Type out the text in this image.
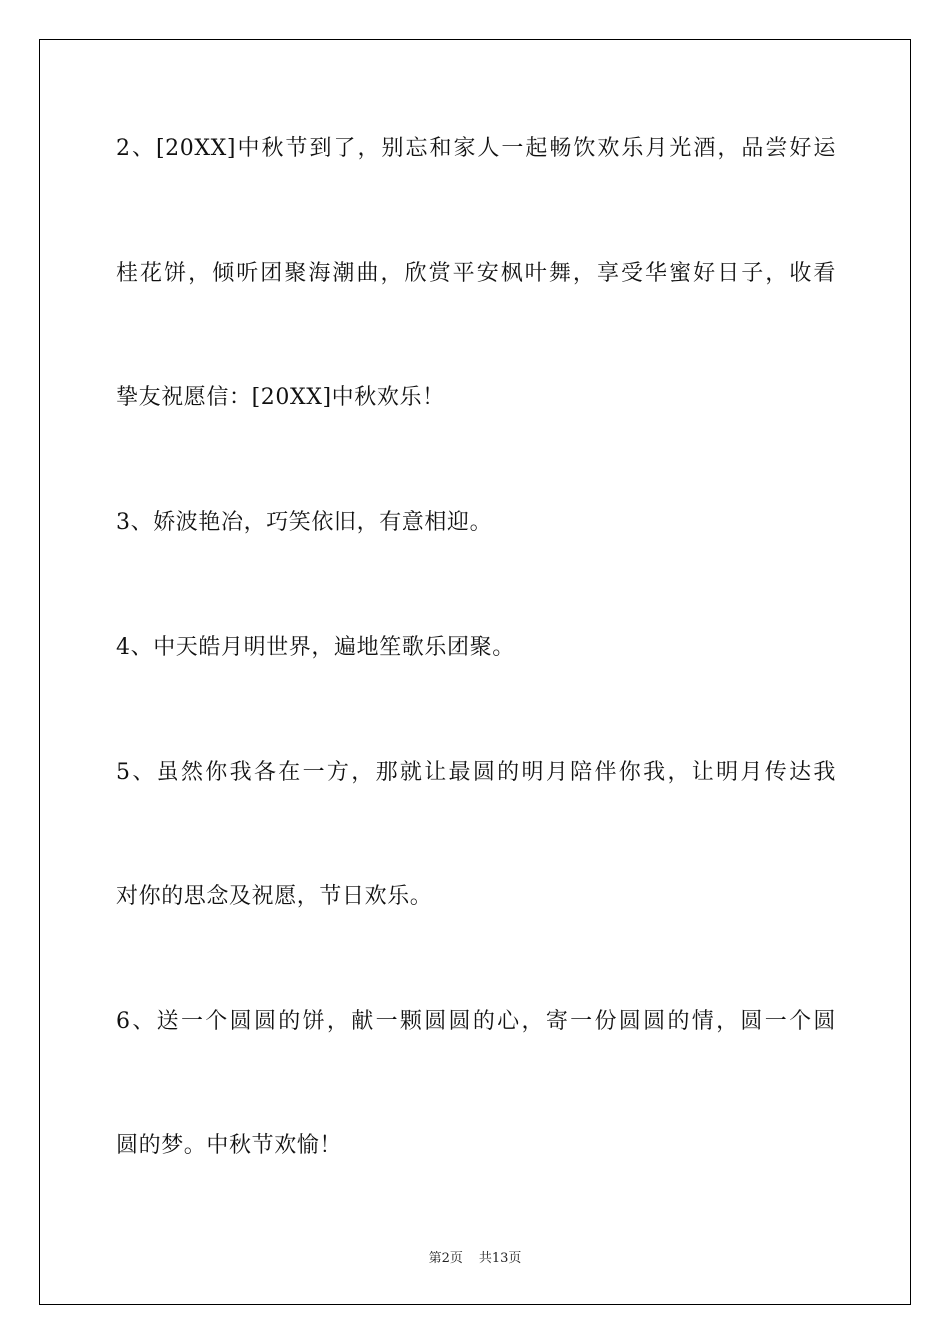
2、[20XX]中秋节到了，别忘和家人一起畅饮欢乐月光酒，品尝好运
桂花饼，倾听团聚海潮曲，欣赏平安枫叶舞，享受华蜜好日子，收看
挚友祝愿信：[20XX]中秋欢乐！
3、娇波艳冶，巧笑依旧，有意相迎。
4、中天皓月明世界，遍地笙歌乐团聚。
5、虽然你我各在一方，那就让最圆的明月陪伴你我，让明月传达我
对你的思念及祝愿，节日欢乐。
6、送一个圆圆的饼，献一颗圆圆的心，寄一份圆圆的情，圆一个圆
圆的梦。中秋节欢愉！
第2页 共13页
